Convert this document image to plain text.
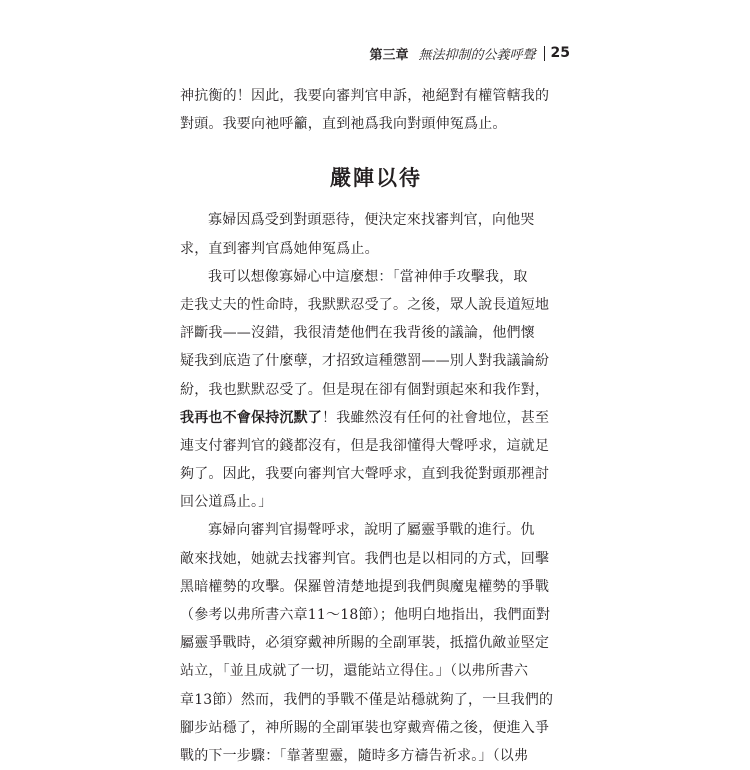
第三章 無法抑制的公義呼聲 25
神抗衡的！因此，我要向審判官申訴，祂絕對有權管轄我的
對頭。我要向祂呼籲，直到祂爲我向對頭伸冤爲止。
嚴陣以待
寡婦因爲受到對頭惡待，便決定來找審判官，向他哭
求，直到審判官爲她伸冤爲止。
我可以想像寡婦心中這麼想：「當神伸手攻擊我，取
走我丈夫的性命時，我默默忍受了。之後，眾人說長道短地
評斷我——沒錯，我很清楚他們在我背後的議論，他們懷
疑我到底造了什麼孽，才招致這種懲罰——別人對我議論紛
紛，我也默默忍受了。但是現在卻有個對頭起來和我作對，
我再也不會保持沉默了！我雖然沒有任何的社會地位，甚至
連支付審判官的錢都沒有，但是我卻懂得大聲呼求，這就足
夠了。因此，我要向審判官大聲呼求，直到我從對頭那裡討
回公道爲止。」
寡婦向審判官揚聲呼求，說明了屬靈爭戰的進行。仇
敵來找她，她就去找審判官。我們也是以相同的方式，回擊
黑暗權勢的攻擊。保羅曾清楚地提到我們與魔鬼權勢的爭戰
（參考以弗所書六章11～18節）；他明白地指出，我們面對
屬靈爭戰時，必須穿戴神所賜的全副軍裝，抵擋仇敵並堅定
站立，「並且成就了一切，還能站立得住。」（以弗所書六
章13節）然而，我們的爭戰不僅是站穩就夠了，一旦我們的
腳步站穩了，神所賜的全副軍裝也穿戴齊備之後，便進入爭
戰的下一步驟：「靠著聖靈，隨時多方禱告祈求。」（以弗
